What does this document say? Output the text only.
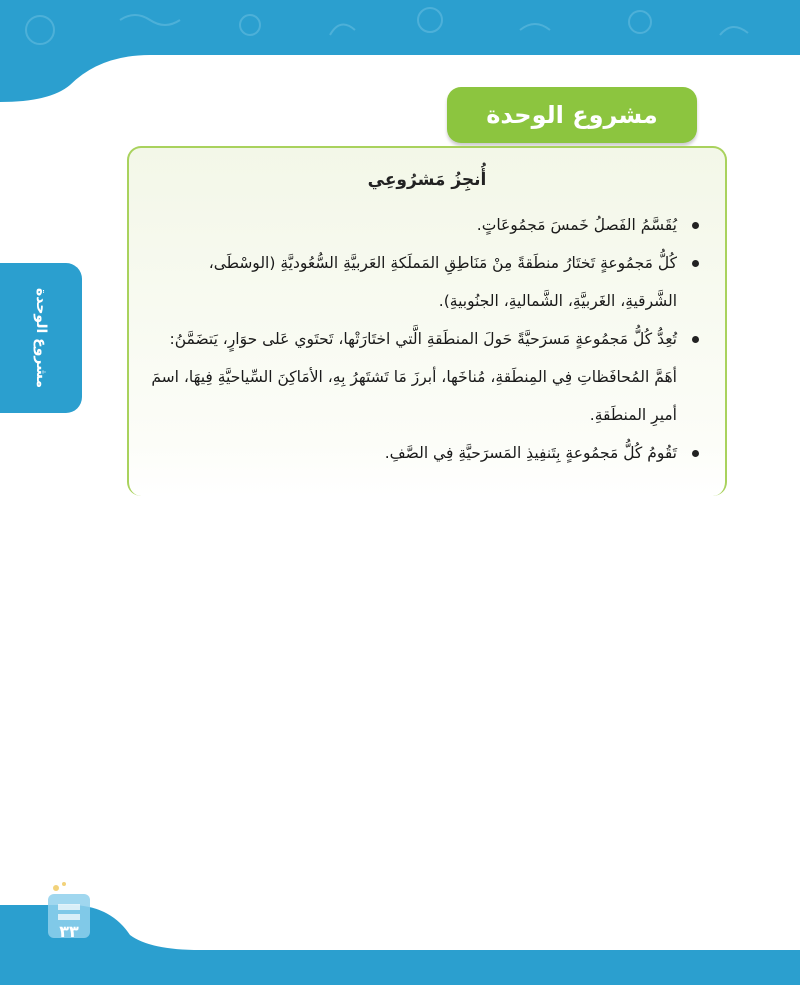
مشروع الوحدة
مشروع الوحدة
أُنجِزُ مَشرُوعِي
يُقَسَّمُ الفَصلُ خَمسَ مَجمُوعَاتٍ.
كُلُّ مَجمُوعةٍ تَختَارُ منطَقةً مِنْ مَنَاطِقِ المَملَكةِ العَربيَّةِ السُّعُوديَّةِ (الوسْطَى، الشَّرقيةِ، الغَربيَّةِ، الشَّماليةِ، الجنُوبيةِ).
تُعِدُّ كُلُّ مَجمُوعةٍ مَسرَحيَّةً حَولَ المنطَقةِ الَّتي اختَارَتْها، تَحتَوي عَلى حوَارٍ، يَتضَمَّنُ: أهَمَّ المُحافَظاتِ فِي المِنطَقةِ، مُناخَها، أبرزَ مَا تَشتَهرُ بِهِ، الأمَاكِنَ السِّياحيَّةِ فِيهَا، اسمَ أميرِ المنطَقةِ.
تَقُومُ كُلُّ مَجمُوعةٍ بِتَنفِيذِ المَسرَحيَّةِ فِي الصَّفِ.
٣٣
